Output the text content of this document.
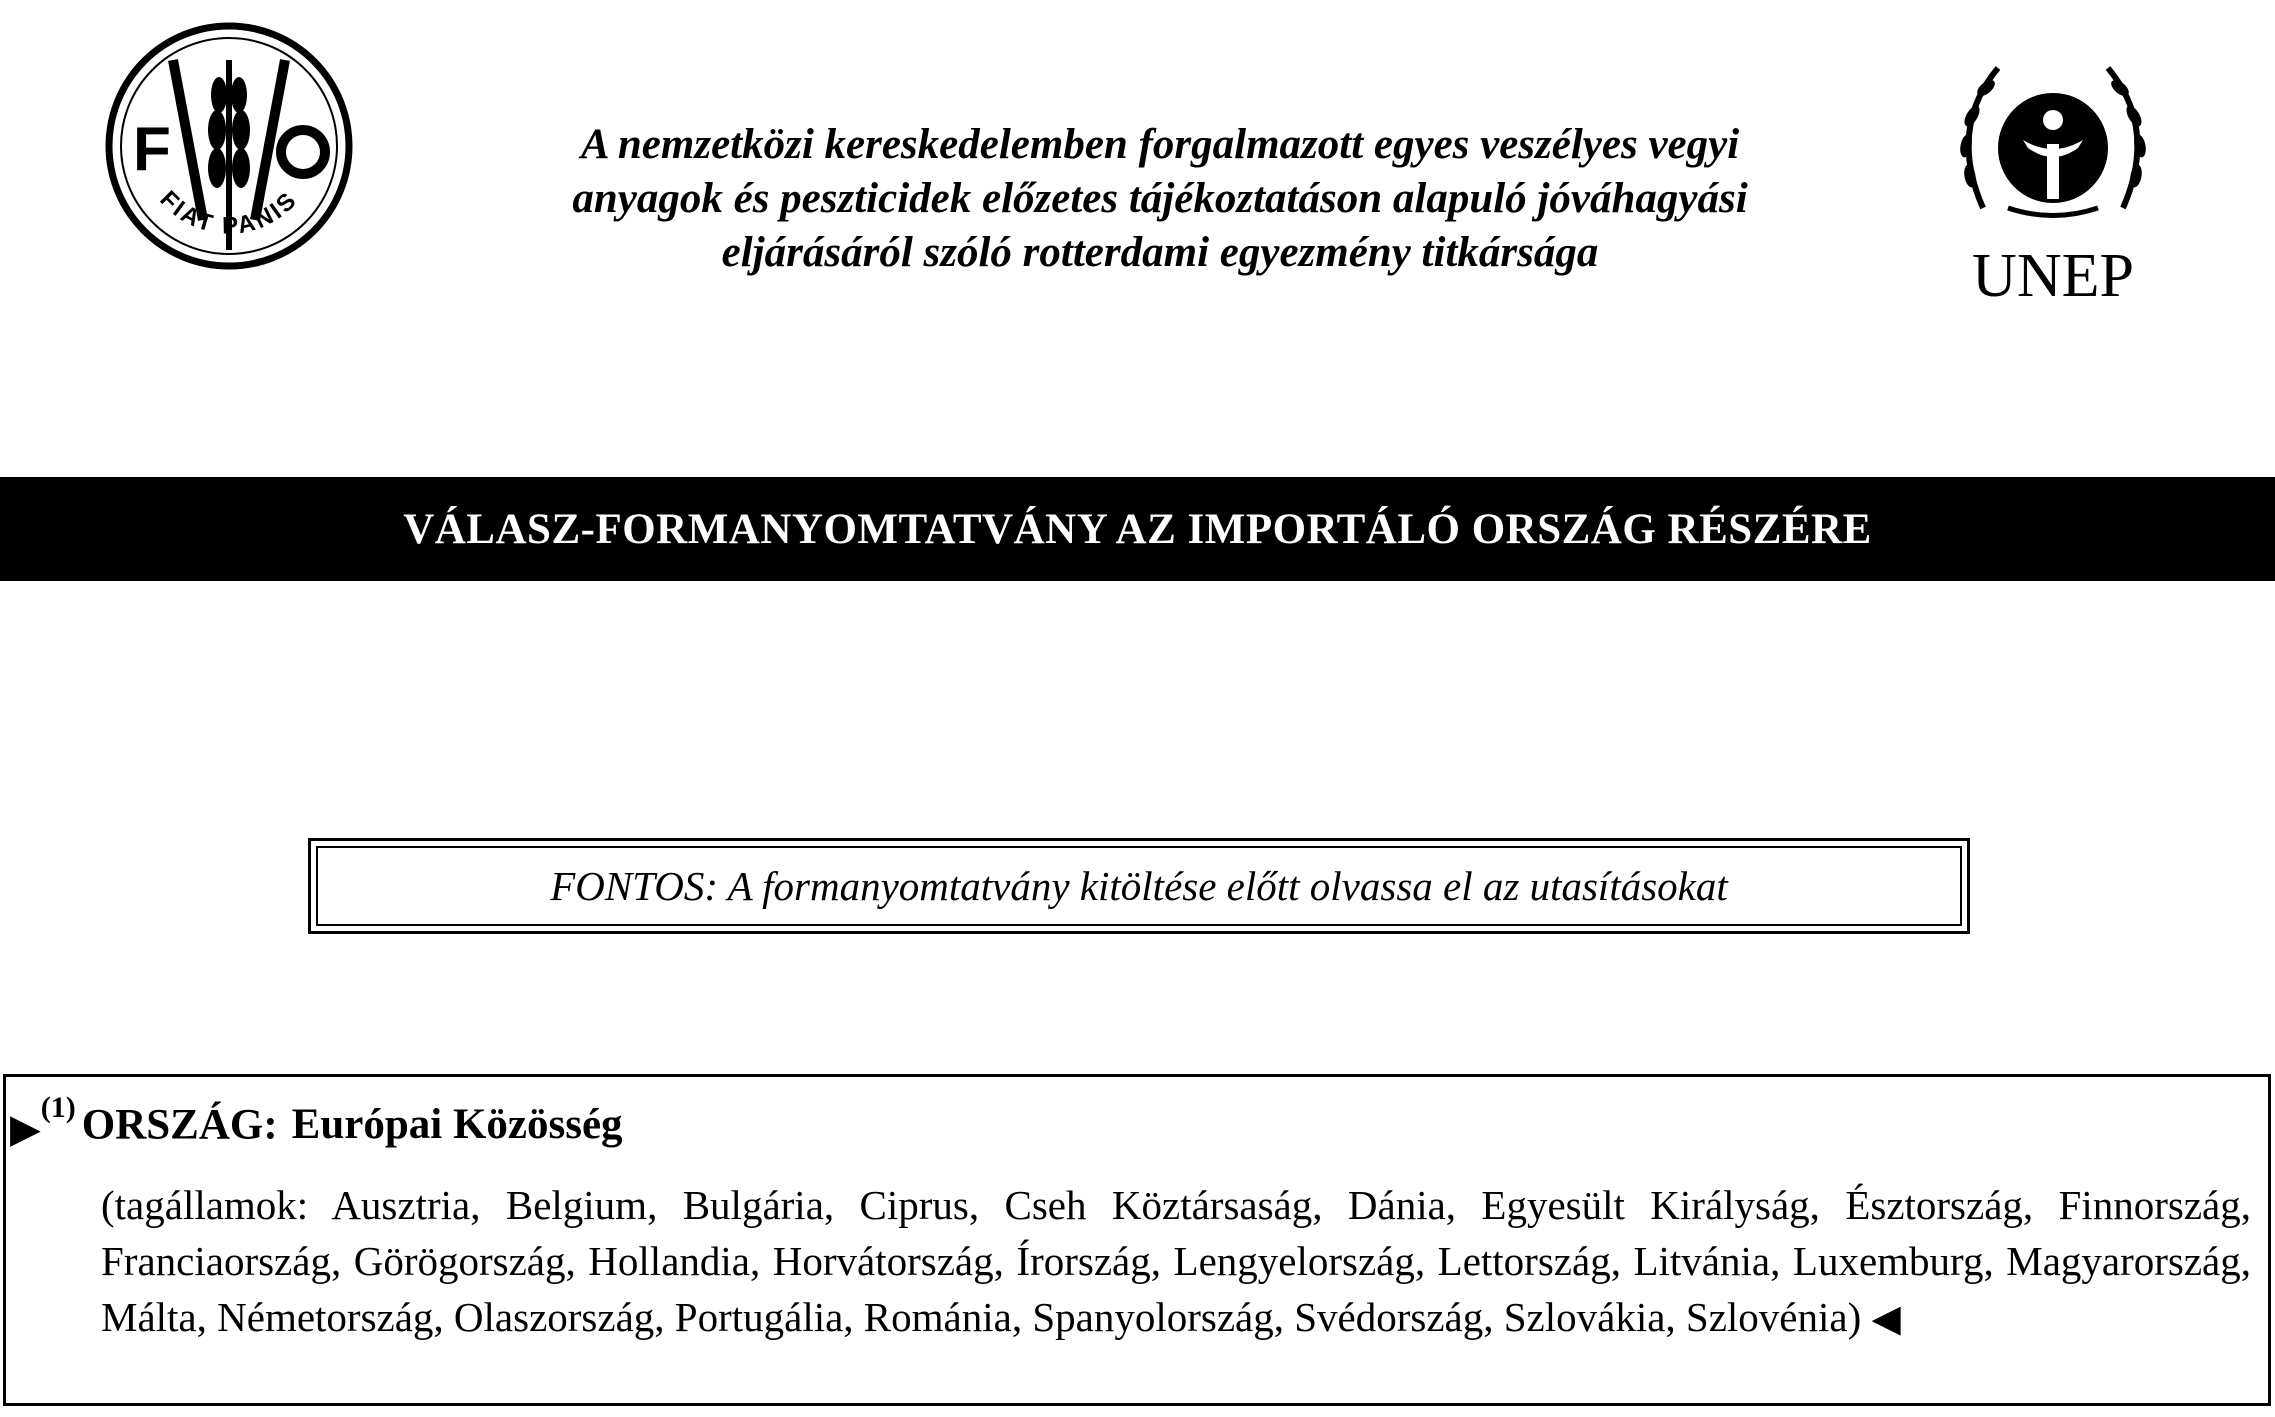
F
FIAT PANIS
A nemzetközi kereskedelemben forgalmazott egyes veszélyes vegyi
anyagok és peszticidek előzetes tájékoztatáson alapuló jóváhagyási
eljárásáról szóló rotterdami egyezmény titkársága	UNEP
VÁLASZ-FORMANYOMTATVÁNY AZ IMPORTÁLÓ ORSZÁG RÉSZÉRE
FONTOS: A formanyomtatvány kitöltése előtt olvassa el az utasításokat
▶$^{(1)}$ ORSZÁG: Európai Közösség
(tagállamok: Ausztria, Belgium, Bulgária, Ciprus, Cseh Köztársaság, Dánia, Egyesült Királyság, Észtország, Finnország, Franciaország, Görögország, Hollandia, Horvátország, Írország, Lengyelország, Lettország, Litvánia, Luxemburg, Magyarország, Málta, Németország, Olaszország, Portugália, Románia, Spanyolország, Svédország, Szlovákia, Szlovénia) ◀
